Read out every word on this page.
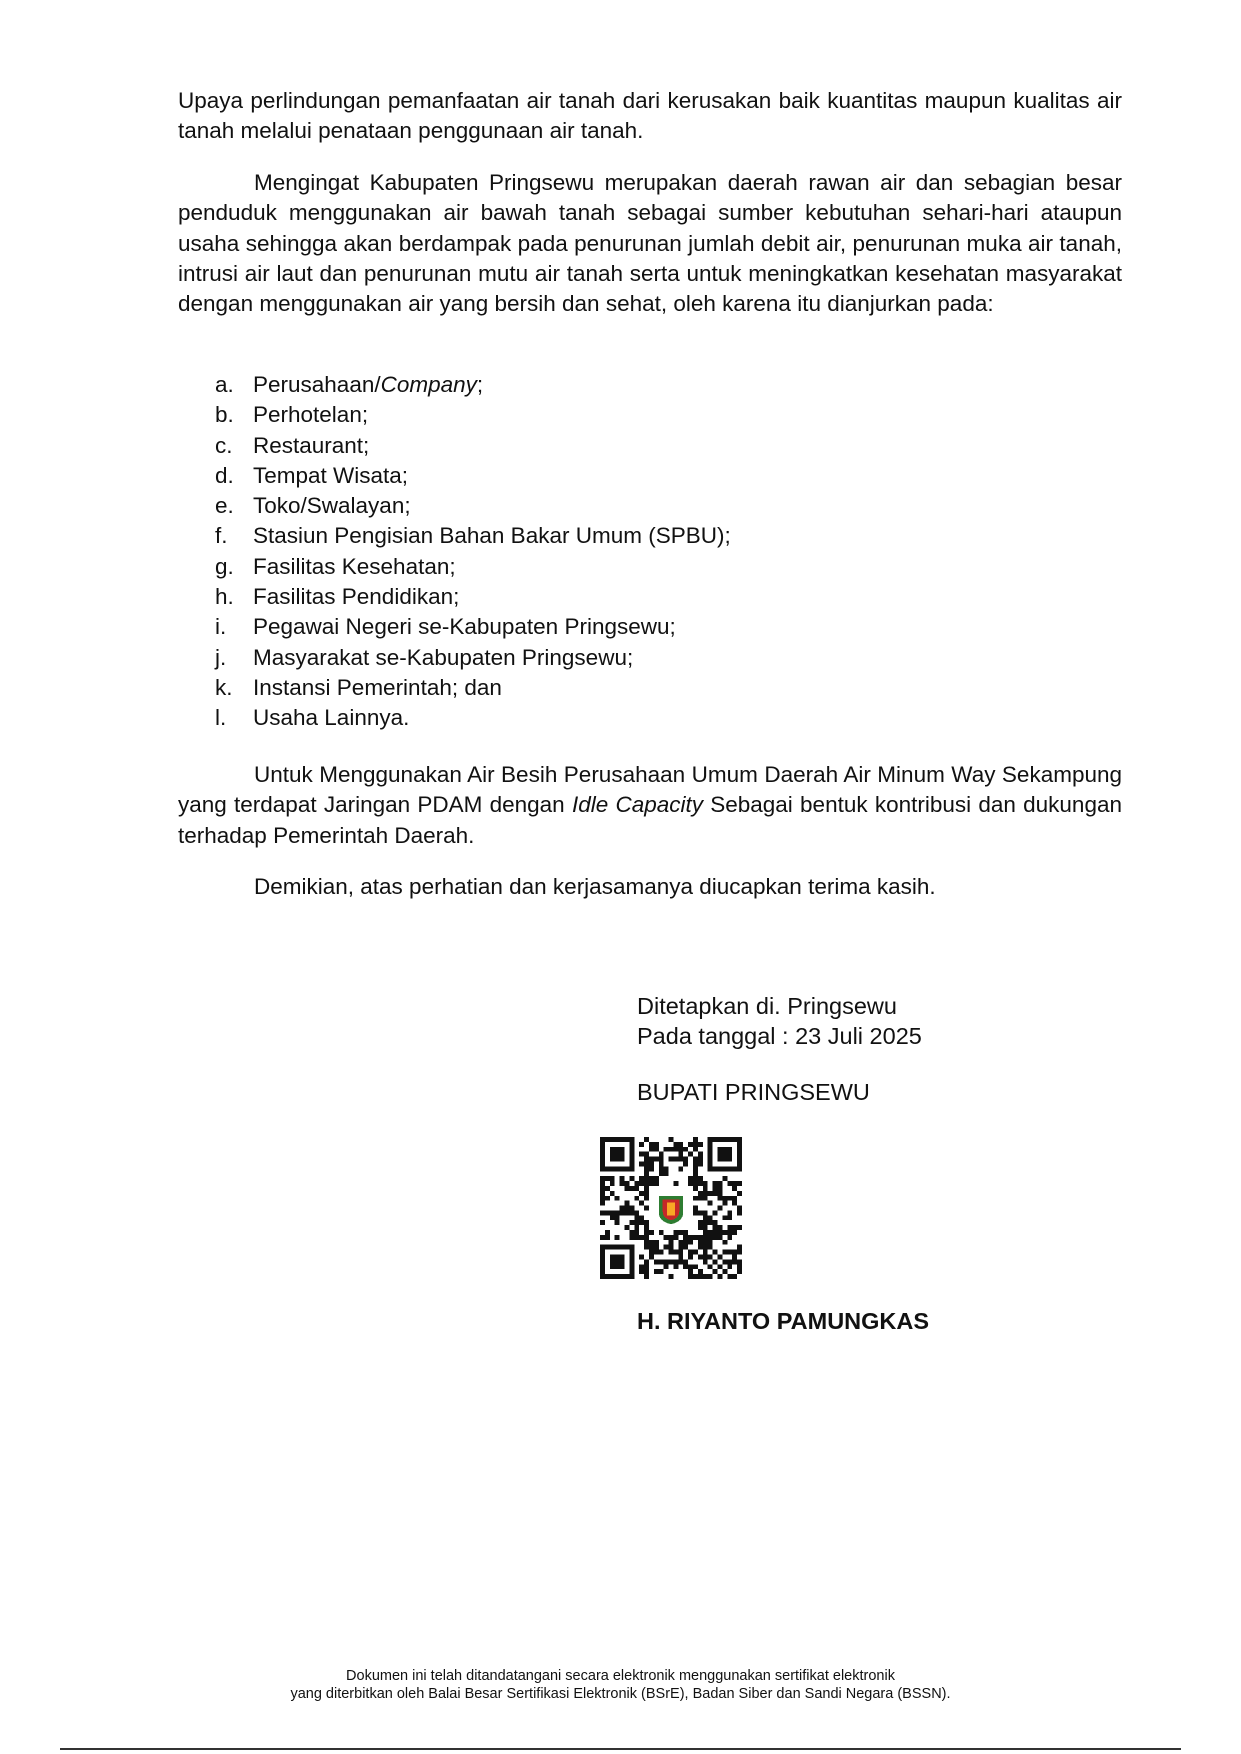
Upaya perlindungan pemanfaatan air tanah dari kerusakan baik kuantitas maupun kualitas air tanah melalui penataan penggunaan air tanah.
Mengingat Kabupaten Pringsewu merupakan daerah rawan air dan sebagian besar penduduk menggunakan air bawah tanah sebagai sumber kebutuhan sehari-hari ataupun usaha sehingga akan berdampak pada penurunan jumlah debit air, penurunan muka air tanah, intrusi air laut dan penurunan mutu air tanah serta untuk meningkatkan kesehatan masyarakat dengan menggunakan air yang bersih dan sehat, oleh karena itu dianjurkan pada:
a. Perusahaan/Company;
b. Perhotelan;
c. Restaurant;
d. Tempat Wisata;
e. Toko/Swalayan;
f. Stasiun Pengisian Bahan Bakar Umum (SPBU);
g. Fasilitas Kesehatan;
h. Fasilitas Pendidikan;
i. Pegawai Negeri se-Kabupaten Pringsewu;
j. Masyarakat se-Kabupaten Pringsewu;
k. Instansi Pemerintah; dan
l. Usaha Lainnya.
Untuk Menggunakan Air Besih Perusahaan Umum Daerah Air Minum Way Sekampung yang terdapat Jaringan PDAM dengan Idle Capacity Sebagai bentuk kontribusi dan dukungan terhadap Pemerintah Daerah.
Demikian, atas perhatian dan kerjasamanya diucapkan terima kasih.
Ditetapkan di. Pringsewu
Pada tanggal : 23 Juli 2025
BUPATI PRINGSEWU
H. RIYANTO PAMUNGKAS
Dokumen ini telah ditandatangani secara elektronik menggunakan sertifikat elektronik
yang diterbitkan oleh Balai Besar Sertifikasi Elektronik (BSrE), Badan Siber dan Sandi Negara (BSSN).
